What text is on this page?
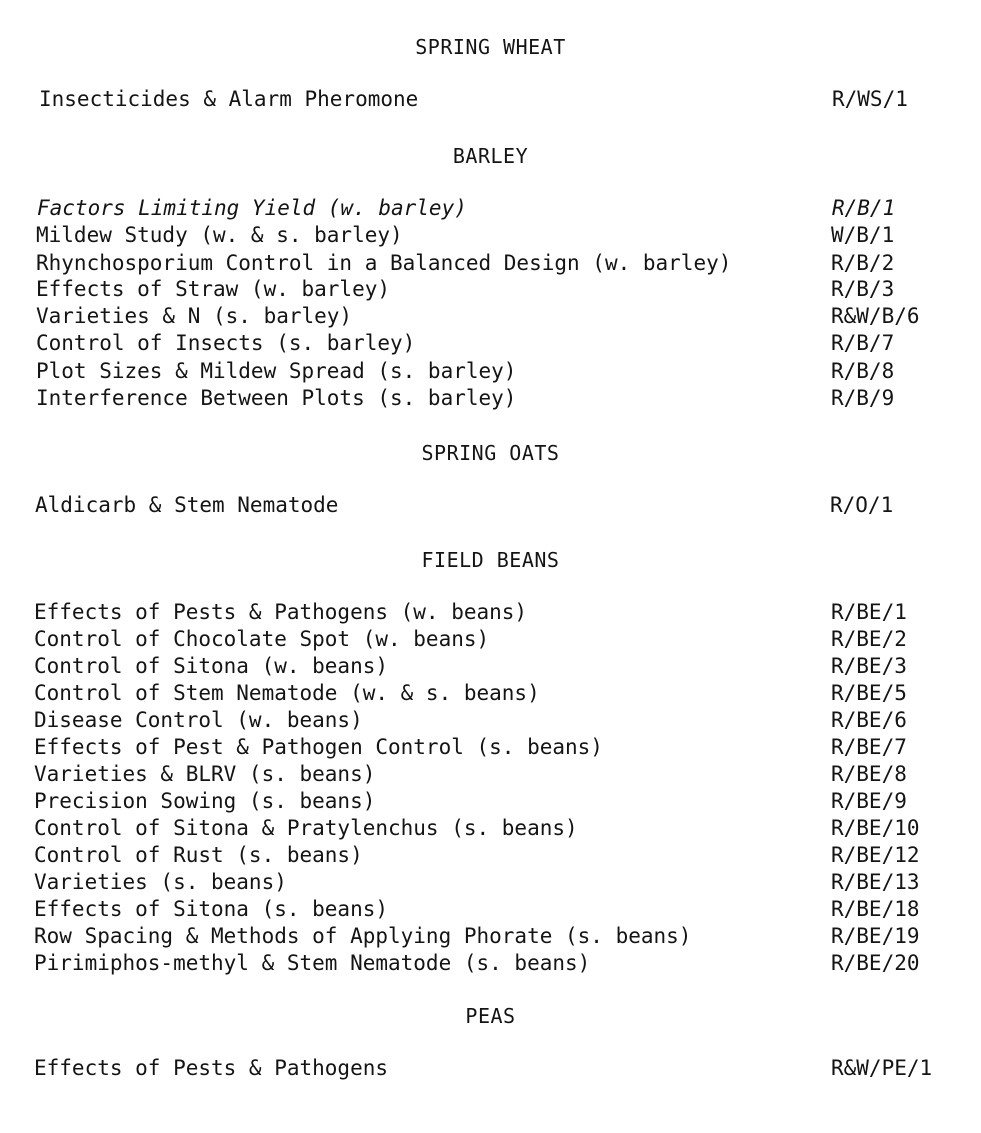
SPRING WHEAT
Insecticides & Alarm Pheromone	R/WS/1
BARLEY
Factors Limiting Yield (w. barley)	R/B/1
Mildew Study (w. & s. barley)	W/B/1
Rhynchosporium Control in a Balanced Design (w. barley)	R/B/2
Effects of Straw (w. barley)	R/B/3
Varieties & N (s. barley)	R&W/B/6
Control of Insects (s. barley)	R/B/7
Plot Sizes & Mildew Spread (s. barley)	R/B/8
Interference Between Plots (s. barley)	R/B/9
SPRING OATS
Aldicarb & Stem Nematode	R/O/1
FIELD BEANS
Effects of Pests & Pathogens (w. beans)	R/BE/1
Control of Chocolate Spot (w. beans)	R/BE/2
Control of Sitona (w. beans)	R/BE/3
Control of Stem Nematode (w. & s. beans)	R/BE/5
Disease Control (w. beans)	R/BE/6
Effects of Pest & Pathogen Control (s. beans)	R/BE/7
Varieties & BLRV (s. beans)	R/BE/8
Precision Sowing (s. beans)	R/BE/9
Control of Sitona & Pratylenchus (s. beans)	R/BE/10
Control of Rust (s. beans)	R/BE/12
Varieties (s. beans)	R/BE/13
Effects of Sitona (s. beans)	R/BE/18
Row Spacing & Methods of Applying Phorate (s. beans)	R/BE/19
Pirimiphos-methyl & Stem Nematode (s. beans)	R/BE/20
PEAS
Effects of Pests & Pathogens	R&W/PE/1
